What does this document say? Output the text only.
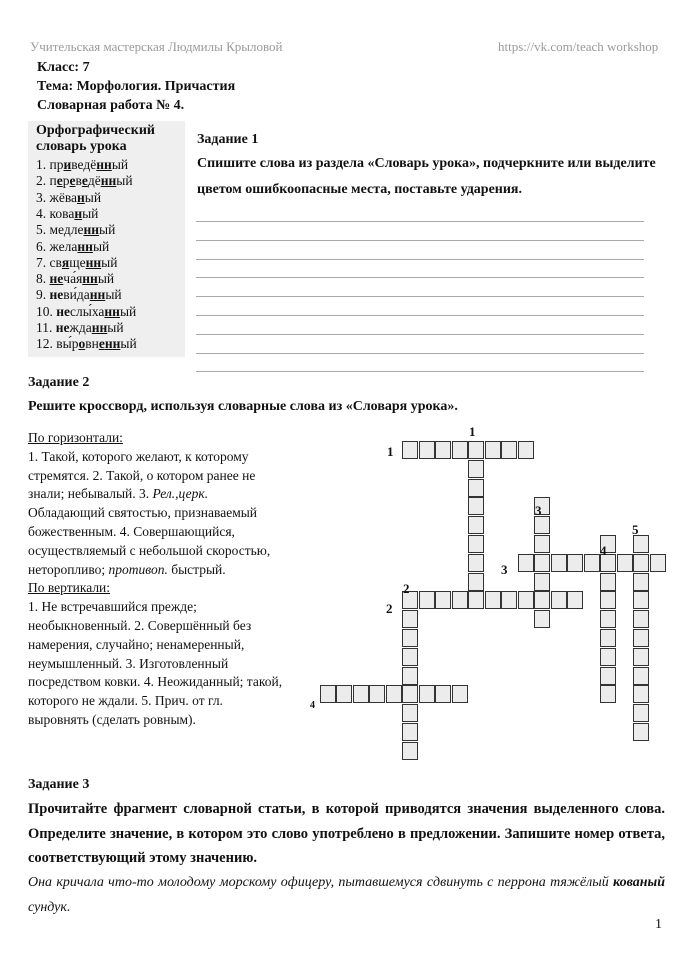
Учительская мастерская Людмилы Крыловой	https://vk.com/teach workshop
Класс: 7
Тема: Морфология. Причастия
Словарная работа № 4.
Орфографический
словарь урока
1. приведённый
2. переведённый
3. жёваный
4. кованый
5. медленный
6. желанный
7. священный
8. неча́янный
9. неви́данный
10. неслы́ханный
11. нежданный
12. вы́ровненный
Задание 1
Спишите слова из раздела «Словарь урока», подчеркните или выделите цветом ошибкоопасные места, поставьте ударения.
Задание 2
Решите кроссворд, используя словарные слова из «Словаря урока».
По горизонтали:
1. Такой, которого желают, к которому стремятся. 2. Такой, о котором ранее не знали; небывалый. 3. Рел.,церк. Обладающий святостью, признаваемый божественным. 4. Совершающийся, осуществляемый с небольшой скоростью, неторопливо; противоп. быстрый.
По вертикали:
1. Не встречавшийся прежде; необыкновенный. 2. Совершённый без намерения, случайно; ненамеренный, неумышленный. 3. Изготовленный посредством ковки. 4. Неожиданный; такой, которого не ждали. 5. Прич. от гл. выровнять (сделать ровным).
1
1
2
2
3
3
4
5
4
Задание 3
Прочитайте фрагмент словарной статьи, в которой приводятся значения выделенного слова. Определите значение, в котором это слово употреблено в предложении. Запишите номер ответа, соответствующий этому значению.
Она кричала что-то молодому морскому офицеру, пытавшемуся сдвинуть с перрона тяжёлый кованый сундук.
1
